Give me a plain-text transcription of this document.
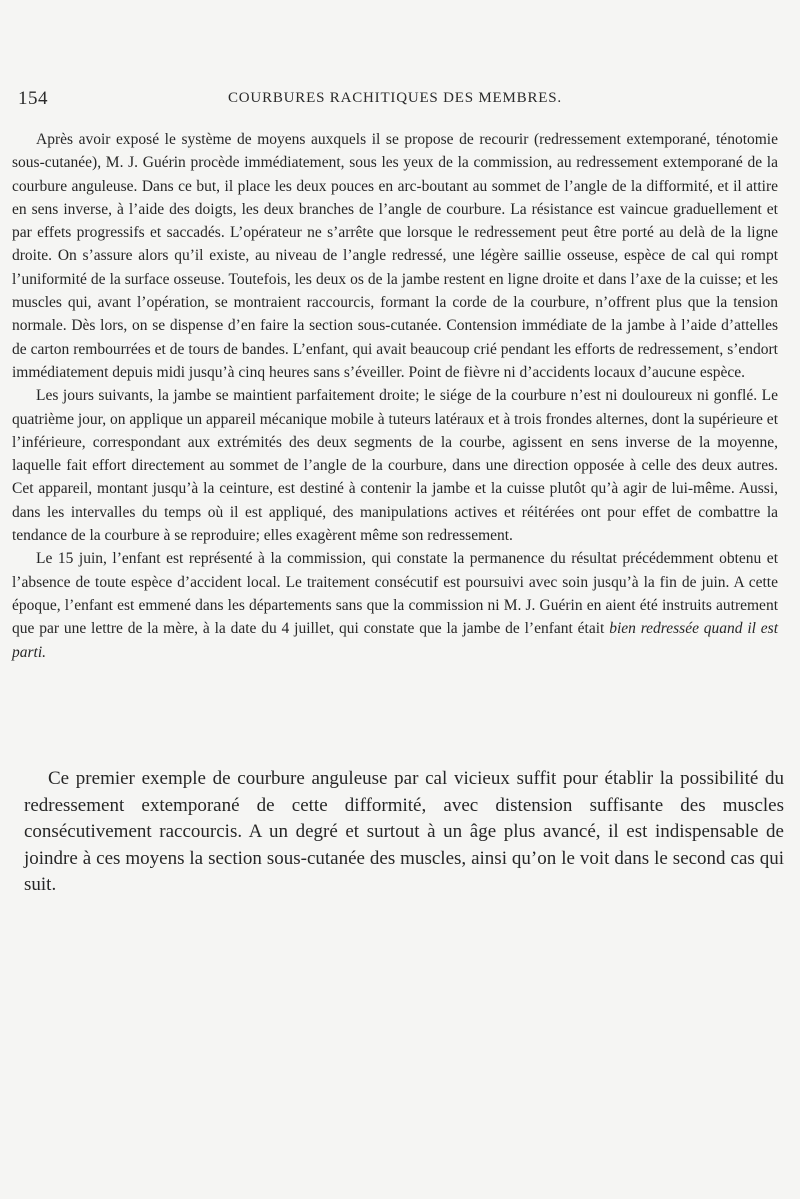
154	COURBURES RACHITIQUES DES MEMBRES.

Après avoir exposé le système de moyens auxquels il se propose de recourir (redressement extemporané, ténotomie sous-cutanée), M. J. Guérin procède immédiatement, sous les yeux de la commission, au redressement extemporané de la courbure anguleuse. Dans ce but, il place les deux pouces en arc-boutant au sommet de l’angle de la difformité, et il attire en sens inverse, à l’aide des doigts, les deux branches de l’angle de courbure. La résistance est vaincue graduellement et par effets progressifs et saccadés. L’opérateur ne s’arrête que lorsque le redressement peut être porté au delà de la ligne droite. On s’assure alors qu’il existe, au niveau de l’angle redressé, une légère saillie osseuse, espèce de cal qui rompt l’uniformité de la surface osseuse. Toutefois, les deux os de la jambe restent en ligne droite et dans l’axe de la cuisse; et les muscles qui, avant l’opération, se montraient raccourcis, formant la corde de la courbure, n’offrent plus que la tension normale. Dès lors, on se dispense d’en faire la section sous-cutanée. Contension immédiate de la jambe à l’aide d’attelles de carton rembourrées et de tours de bandes. L’enfant, qui avait beaucoup crié pendant les efforts de redressement, s’endort immédiatement depuis midi jusqu’à cinq heures sans s’éveiller. Point de fièvre ni d’accidents locaux d’aucune espèce.

Les jours suivants, la jambe se maintient parfaitement droite; le siége de la courbure n’est ni douloureux ni gonflé. Le quatrième jour, on applique un appareil mécanique mobile à tuteurs latéraux et à trois frondes alternes, dont la supérieure et l’inférieure, correspondant aux extrémités des deux segments de la courbe, agissent en sens inverse de la moyenne, laquelle fait effort directement au sommet de l’angle de la courbure, dans une direction opposée à celle des deux autres. Cet appareil, montant jusqu’à la ceinture, est destiné à contenir la jambe et la cuisse plutôt qu’à agir de lui-même. Aussi, dans les intervalles du temps où il est appliqué, des manipulations actives et réitérées ont pour effet de combattre la tendance de la courbure à se reproduire; elles exagèrent même son redressement.

Le 15 juin, l’enfant est représenté à la commission, qui constate la permanence du résultat précédemment obtenu et l’absence de toute espèce d’accident local. Le traitement consécutif est poursuivi avec soin jusqu’à la fin de juin. A cette époque, l’enfant est emmené dans les départements sans que la commission ni M. J. Guérin en aient été instruits autrement que par une lettre de la mère, à la date du 4 juillet, qui constate que la jambe de l’enfant était bien redressée quand il est parti.

Ce premier exemple de courbure anguleuse par cal vicieux suffit pour établir la possibilité du redressement extemporané de cette difformité, avec distension suffisante des muscles consécutivement raccourcis. A un degré et surtout à un âge plus avancé, il est indispensable de joindre à ces moyens la section sous-cutanée des muscles, ainsi qu’on le voit dans le second cas qui suit.
